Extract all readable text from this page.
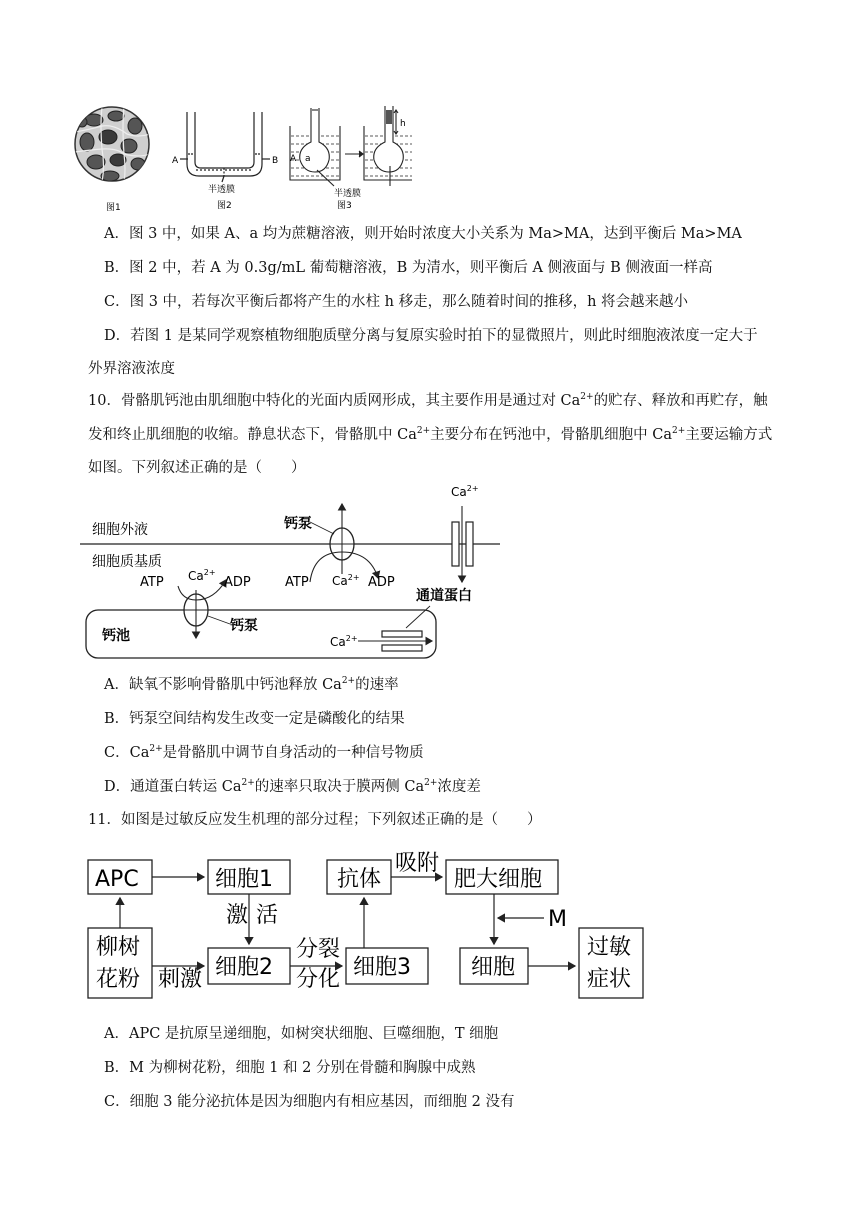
图1
A	B
半透膜
图2
A a
h
半透膜
图3
A．图 3 中，如果 A、a 均为蔗糖溶液，则开始时浓度大小关系为 Ma>MA，达到平衡后 Ma>MA
B．图 2 中，若 A 为 0.3g/mL 葡萄糖溶液，B 为清水，则平衡后 A 侧液面与 B 侧液面一样高
C．图 3 中，若每次平衡后都将产生的水柱 h 移走，那么随着时间的推移，h 将会越来越小
D．若图 1 是某同学观察植物细胞质壁分离与复原实验时拍下的显微照片，则此时细胞液浓度一定大于
外界溶液浓度
10．骨骼肌钙池由肌细胞中特化的光面内质网形成，其主要作用是通过对 $Ca^{2+}$的贮存、释放和再贮存，触
发和终止肌细胞的收缩。静息状态下，骨骼肌中 $Ca^{2+}$主要分布在钙池中，骨骼肌细胞中 $Ca^{2+}$主要运输方式
如图。下列叙述正确的是（　　）
细胞外液
细胞质基质
钙泵
ATP $Ca^{2+}$ ADP
$Ca^{2+}$
通道蛋白
钙池
ATP $Ca^{2+}$
ADP
钙泵
$Ca^{2+}$
A．缺氧不影响骨骼肌中钙池释放 $Ca^{2+}$的速率
B．钙泵空间结构发生改变一定是磷酸化的结果
C．$Ca^{2+}$是骨骼肌中调节自身活动的一种信号物质
D．通道蛋白转运 $Ca^{2+}$的速率只取决于膜两侧 $Ca^{2+}$浓度差
11．如图是过敏反应发生机理的部分过程；下列叙述正确的是（　　）
APC	细胞1
激 活
柳树
花粉 刺激 细胞2
分裂
分化 细胞3
抗体
吸附
肥大细胞
M
细胞
过敏
症状
A．APC 是抗原呈递细胞，如树突状细胞、巨噬细胞，T 细胞
B．M 为柳树花粉，细胞 1 和 2 分别在骨髓和胸腺中成熟
C．细胞 3 能分泌抗体是因为细胞内有相应基因，而细胞 2 没有
